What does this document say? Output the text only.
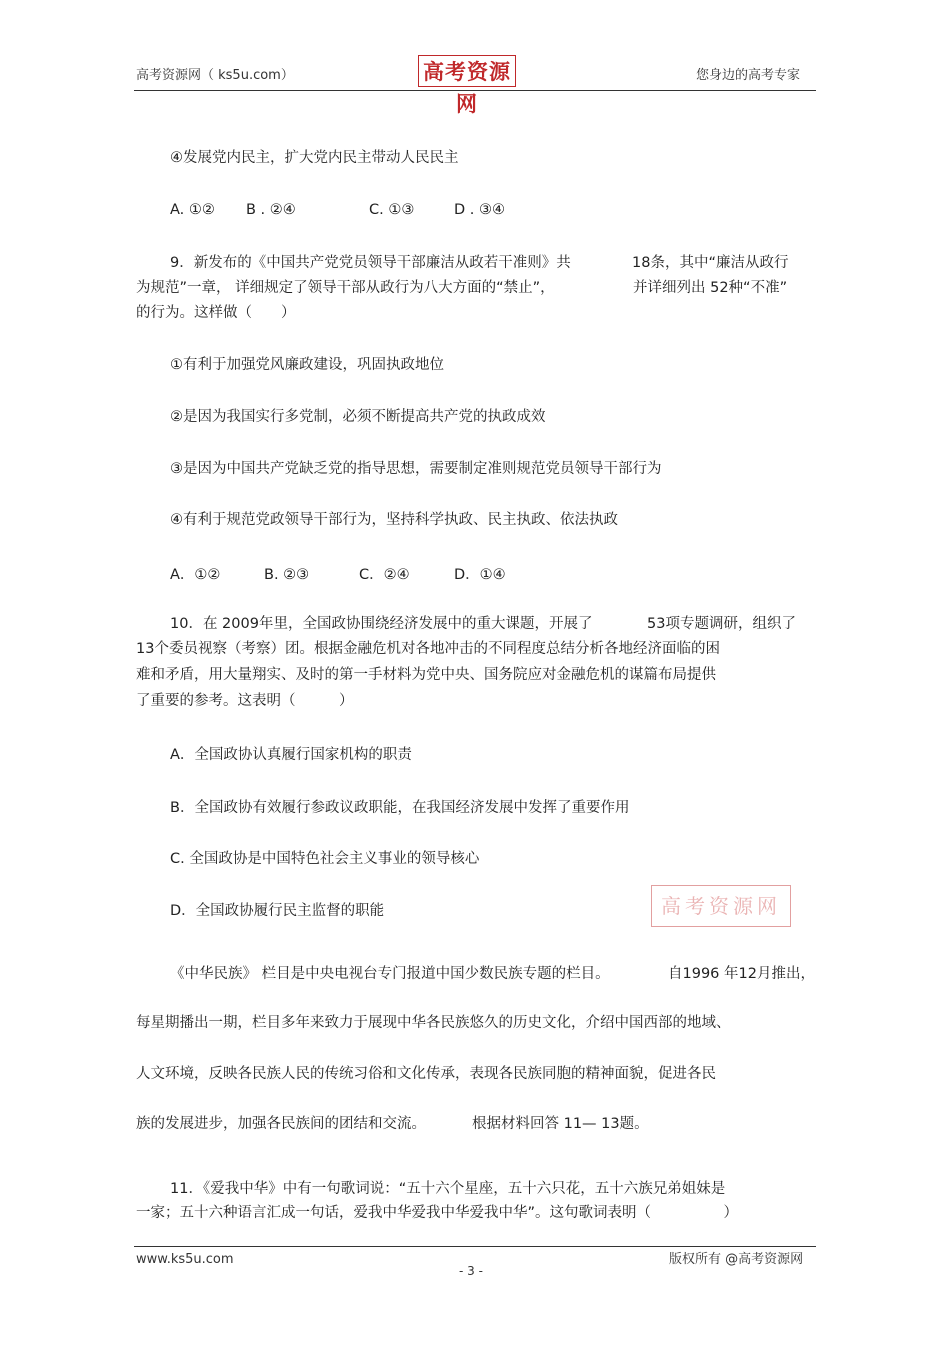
高考资源网（ ks5u.com）	高考资源网
您身边的高考专家
④发展党内民主，扩大党内民主带动人民民主
A. ①② B . ②④	C. ①③	D . ③④
9．新发布的《中国共产党党员领导干部廉洁从政若干准则》共	18条，其中“廉洁从政行
为规范”一章， 详细规定了领导干部从政行为八大方面的“禁止”，	并详细列出 52种“不准”
的行为。这样做（　　）
①有利于加强党风廉政建设，巩固执政地位
②是因为我国实行多党制，必须不断提高共产党的执政成效
③是因为中国共产党缺乏党的指导思想，需要制定准则规范党员领导干部行为
④有利于规范党政领导干部行为，坚持科学执政、民主执政、依法执政
A．①②	B. ②③	C．②④	D．①④
10．在 2009年里，全国政协围绕经济发展中的重大课题，开展了	53项专题调研，组织了
13个委员视察（考察）团。根据金融危机对各地冲击的不同程度总结分析各地经济面临的困
难和矛盾，用大量翔实、及时的第一手材料为党中央、国务院应对金融危机的谋篇布局提供
了重要的参考。这表明（　　　）
A．全国政协认真履行国家机构的职责
B．全国政协有效履行参政议政职能，在我国经济发展中发挥了重要作用
C. 全国政协是中国特色社会主义事业的领导核心
D．全国政协履行民主监督的职能	高考资源网
《中华民族》 栏目是中央电视台专门报道中国少数民族专题的栏目。	自1996 年12月推出，
每星期播出一期，栏目多年来致力于展现中华各民族悠久的历史文化，介绍中国西部的地域、
人文环境，反映各民族人民的传统习俗和文化传承，表现各民族同胞的精神面貌，促进各民
族的发展进步，加强各民族间的团结和交流。	根据材料回答 11— 13题。
11．《爱我中华》中有一句歌词说：“五十六个星座，五十六只花，五十六族兄弟姐妹是
一家；五十六种语言汇成一句话，爱我中华爱我中华爱我中华”。这句歌词表明（　　　　　）
www.ks5u.com	版权所有 @高考资源网
- 3 -
